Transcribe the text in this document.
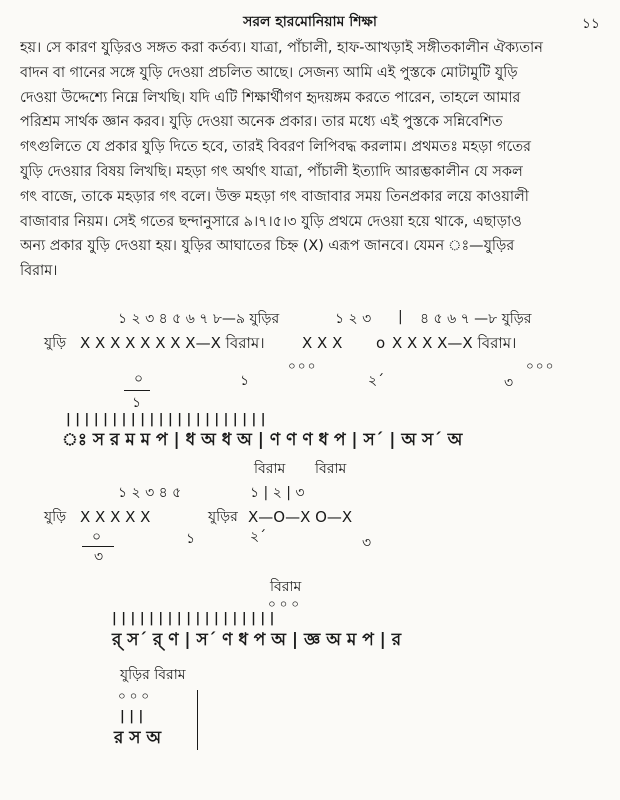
সরল হারমোনিয়াম শিক্ষা	১১
হয়। সে কারণ যুড়িরও সঙ্গত করা কর্তব্য। যাত্রা, পাঁচালী, হাফ-আখড়াই সঙ্গীতকালীন ঐক্যতান
বাদন বা গানের সঙ্গে যুড়ি দেওয়া প্রচলিত আছে। সেজন্য আমি এই পুস্তকে মোটামুটি যুড়ি
দেওয়া উদ্দেশ্যে নিম্নে লিখছি। যদি এটি শিক্ষার্থীগণ হৃদয়ঙ্গম করতে পারেন, তাহলে আমার
পরিশ্রম সার্থক জ্ঞান করব। যুড়ি দেওয়া অনেক প্রকার। তার মধ্যে এই পুস্তকে সন্নিবেশিত
গৎগুলিতে যে প্রকার যুড়ি দিতে হবে, তারই বিবরণ লিপিবদ্ধ করলাম। প্রথমতঃ মহড়া গতের
যুড়ি দেওয়ার বিষয় লিখছি। মহড়া গৎ অর্থাৎ যাত্রা, পাঁচালী ইত্যাদি আরম্ভকালীন যে সকল
গৎ বাজে, তাকে মহড়ার গৎ বলে। উক্ত মহড়া গৎ বাজাবার সময় তিনপ্রকার লয়ে কাওয়ালী
বাজাবার নিয়ম। সেই গতের ছন্দানুসারে ৯।৭।৫।৩ যুড়ি প্রথমে দেওয়া হয়ে থাকে, এছাড়াও
অন্য প্রকার যুড়ি দেওয়া হয়। যুড়ির আঘাতের চিহ্ন (X) এরূপ জানবে। যেমন ঃ—যুড়ির
বিরাম।
১ ২ ৩ ৪ ৫ ৬ ৭ ৮—৯ যুড়ির	১ ২ ৩ | ৪ ৫ ৬ ৭ —৮ যুড়ির
যুড়ি X X X X X X X X—X বিরাম। X X X o X X X X—X বিরাম।
০০০	০০০
০
১
১	২´	৩
| | | | | | | | | | | | | | | | | | | | | |
ঃ স র ম ম প | ধ অ ধ অ | ণ ণ ণ ধ প | স´ | অ স´ অ
বিরাম বিরাম
১ ২ ৩ ৪ ৫	১ | ২ | ৩
যুড়ি X X X X X	যুড়ির X—O—X O—X
০	১	২´
৩
৩
বিরাম
০ ০ ০
| | | | | | | | | | | | | | | | | |
র্ স´ র্ ণ | স´ ণ ধ প অ | জ্ঞ অ ম প | র
যুড়ির বিরাম
০ ০ ০
| | |
র স অ
